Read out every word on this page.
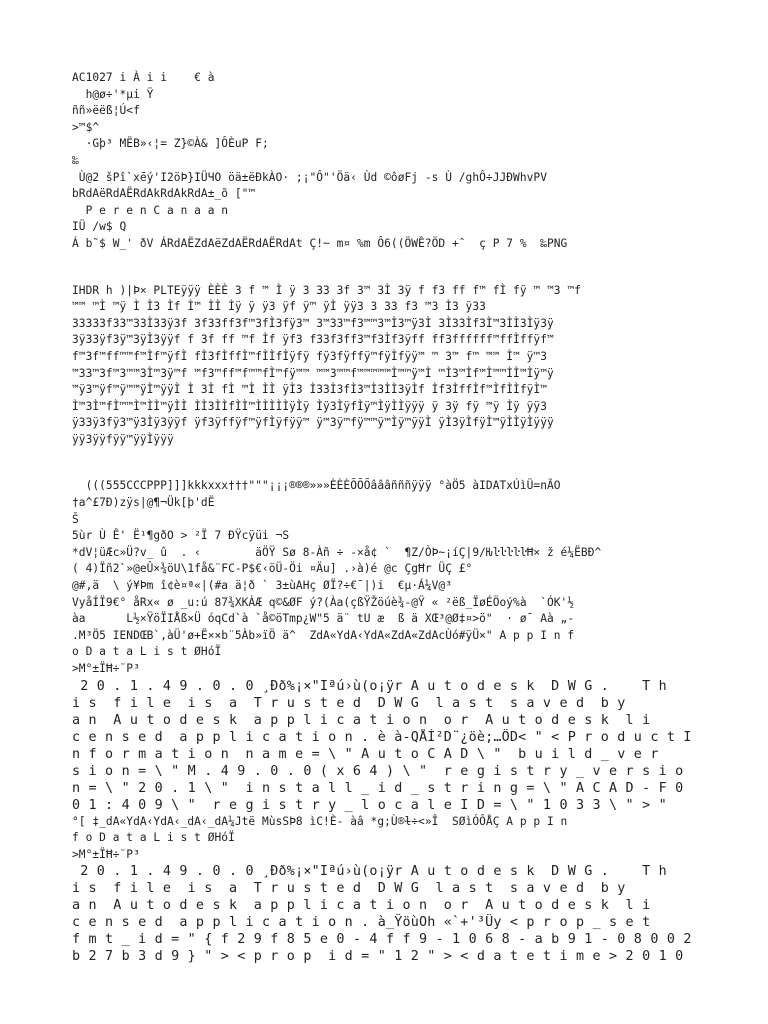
AC1027 i À i i    € à
h@ø÷'*µi Ÿ
ññ»ëëß¦Ú<f
>™$^
·Gþ³ MËB»‹¦= Z}©À& ]ÔÈuP F;
‰
Ù@2 šPî`xēý'I2öÞ}IÜЧO öä±ëÐkÀO· ;¡"Ô"'Öä‹ Ùd ©ôøFj -s Ù /ghÔ÷JJÐWhvPV
bRdAëRdAËRdAkRdAkRdA±_õ ["™
P e r e n C a n a a n
IÜ /w$ Q
Á b˜$ W_' ðV ÁRdAËZdAëZdAËRdAËRdAt Ç!~ m¤ %m Ô6((ÖWÊ?ÖD +ˆ  ç P 7 %  ‰PNG
IHDR h )|Þ× PLTEÿÿÿ ÈÈÈ 3 f ™ Ì ÿ 3 33 3f 3™ 3Ì 3ÿ f f3 ff f™ fÌ fÿ ™ ™3 ™f
™™ ™Ì ™ÿ Ì Ì3 Ìf Ì™ ÌÌ Ìÿ ÿ ÿ3 ÿf ÿ™ ÿÌ ÿÿ3 3 33 f3 ™3 Ì3 ÿ33
33333f33™33Ì33ÿ3f 3f33ff3f™3fÌ3fÿ3™ 3™33™f3™™3™Ì3™ÿ3Ì 3Ì33Ìf3Ì™3ÌÌ3Ìÿ3ÿ
3ÿ33ÿf3ÿ™3ÿÌ3ÿÿf f 3f ff ™f Ìf ÿf3 f33f3ff3™f3Ìf3ÿff ff3ffffff™ffÌffÿf™
f™3f™ff™™f™Ìf™ÿfÌ fÌ3fÌffÌ™fÌÌfÌÿfÿ fÿ3fÿffÿ™fÿÌfÿÿ™ ™ 3™ f™ ™™ Ì™ ÿ™3
™33™3f™3™™3Ì™3ÿ™f ™f3™ff™f™™fÌ™fÿ™™ ™™3™™f™™™™™Ì™™ÿ™Ì ™Ì3™Ìf™Ì™™ÌÌ™Ìÿ™ÿ
™ÿ3™ÿf™ÿ™™ÿÌ™ÿÿÌ Ì 3Ì fÌ ™Ì ÌÌ ÿÌ3 Ì33Ì3fÌ3™Ì3ÌÌ3ÿÌf Ìf3ÌffÌf™ÌfÌÌfÿÌ™
Ì™3Ì™fÌ™™Ì™ÌÌ™ÿÌÌ ÌÌ3ÌÌfÌÌ™ÌÌÌÌÌÿÌÿ Ìÿ3ÌÿfÌÿ™ÌÿÌÌÿÿÿ ÿ 3ÿ fÿ ™ÿ Ìÿ ÿÿ3
ÿ33ÿ3fÿ3™ÿ3Ìÿ3ÿÿf ÿf3ÿffÿf™ÿfÌÿfÿÿ™ ÿ™3ÿ™fÿ™™ÿ™Ìÿ™ÿÿÌ ÿÌ3ÿÌfÿÌ™ÿÌÌÿÌÿÿÿ
ÿÿ3ÿÿfÿÿ™ÿÿÌÿÿÿ
(((555CCCPPP]]]kkkxxx†††"""¡¡¡®®®»»»ÈÈÈÕÕÕâââñññÿÿÿ °àÖ5 àIDATxÚìÜ=nÃO
†a^£7Ð)zÿs|@¶¬Ük[þ'dË
Š
5ùr Ù Ê' Ë¹¶gðO > ²Ï 7 ÐŸcÿüi ¬S
*dV¦üÆc»Ü?v_ û  . ‹        äÖŸ Sø 8-Àñ ÷ -×å¢ `  ¶Z/ÒÞ~¡íÇ|9/ǶŀŀŀŀŀĦ× ž é¼ËBÐ^
( 4)Ïñ2`»@eÛ×¾öU\1få&¨FC-P$€‹öÜ-Öi ¤Äu] .›à)é @c ÇgĦr ÜÇ £°
@#,ä  \ ý¥Þm î¢è¤ª«|(#a ä¦ð ` 3±ùAHç ØÏ?÷€¯|)i  €µ·Á¼V@³
VyåÍÏ9€° åRx« ø _u:ú 87¾XKÀÆ q©&ØF ý?(Àa(çßŸŽöúè¾-@Ÿ « ²ëß_ÏøÉÖoý%à  `ÓK'½
àa      L½×ŸöÏIÅß×Ü óqCd`à `å©öTmp¿W"5 ä¨ tU æ  ß ä XŒ³@Ø‡¤>ö"  · ø¯ Aà „-
.M³Ö5 IENDŒB`,àÜ'ø+Ë××b¨5Àb»ïÖ ä^  ZdA«YdA‹YdA«ZdA«ZdAcÙó#ÿÜ×" A p p I n f
o D a t a L i s t ØHóÏ
>M°±ÏĦ÷¨P³
2 0 . 1 . 4 9 . 0 . 0 ¸Ðð%¡×"Iªú›ù(o¡ÿr A u t o d e s k  D W G .    T h
i s  f i l e  i s  a  T r u s t e d  D W G  l a s t  s a v e d  b y
a n  A u t o d e s k  a p p l i c a t i o n  o r  A u t o d e s k  l i
c e n s e d  a p p l i c a t i o n . è à-QÅÍ²D¨¿öè;…ÖD< " < P r o d u c t I
n f o r m a t i o n  n a m e = \ " A u t o C A D \ "  b u i l d _ v e r
s i o n = \ " M . 4 9 . 0 . 0 ( x 6 4 ) \ "  r e g i s t r y _ v e r s i o
n = \ " 2 0 . 1 \ "  i n s t a l l _ i d _ s t r i n g = \ " A C A D - F 0
0 1 : 4 0 9 \ "  r e g i s t r y _ l o c a l e I D = \ " 1 0 3 3 \ " > "
°[ ‡_dA«YdA‹YdA‹_dA‹_dA¼Jtë MùsSÞ8 ìC!È- àâ *g;Ù®ɫ÷<»Î  SØìÓÔÅÇ A p p I n
f o D a t a L i s t ØHóÏ
>M°±ÏĦ÷¨P³
2 0 . 1 . 4 9 . 0 . 0 ¸Ðð%¡×"Iªú›ù(o¡ÿr A u t o d e s k  D W G .    T h
i s  f i l e  i s  a  T r u s t e d  D W G  l a s t  s a v e d  b y
a n  A u t o d e s k  a p p l i c a t i o n  o r  A u t o d e s k  l i
c e n s e d  a p p l i c a t i o n . à_ŸöùOh «`+'³Üy < p r o p _ s e t
f m t _ i d = " { f 2 9 f 8 5 e 0 - 4 f f 9 - 1 0 6 8 - a b 9 1 - 0 8 0 0 2
b 2 7 b 3 d 9 } " > < p r o p  i d = " 1 2 " > < d a t e t i m e > 2 0 1 0
